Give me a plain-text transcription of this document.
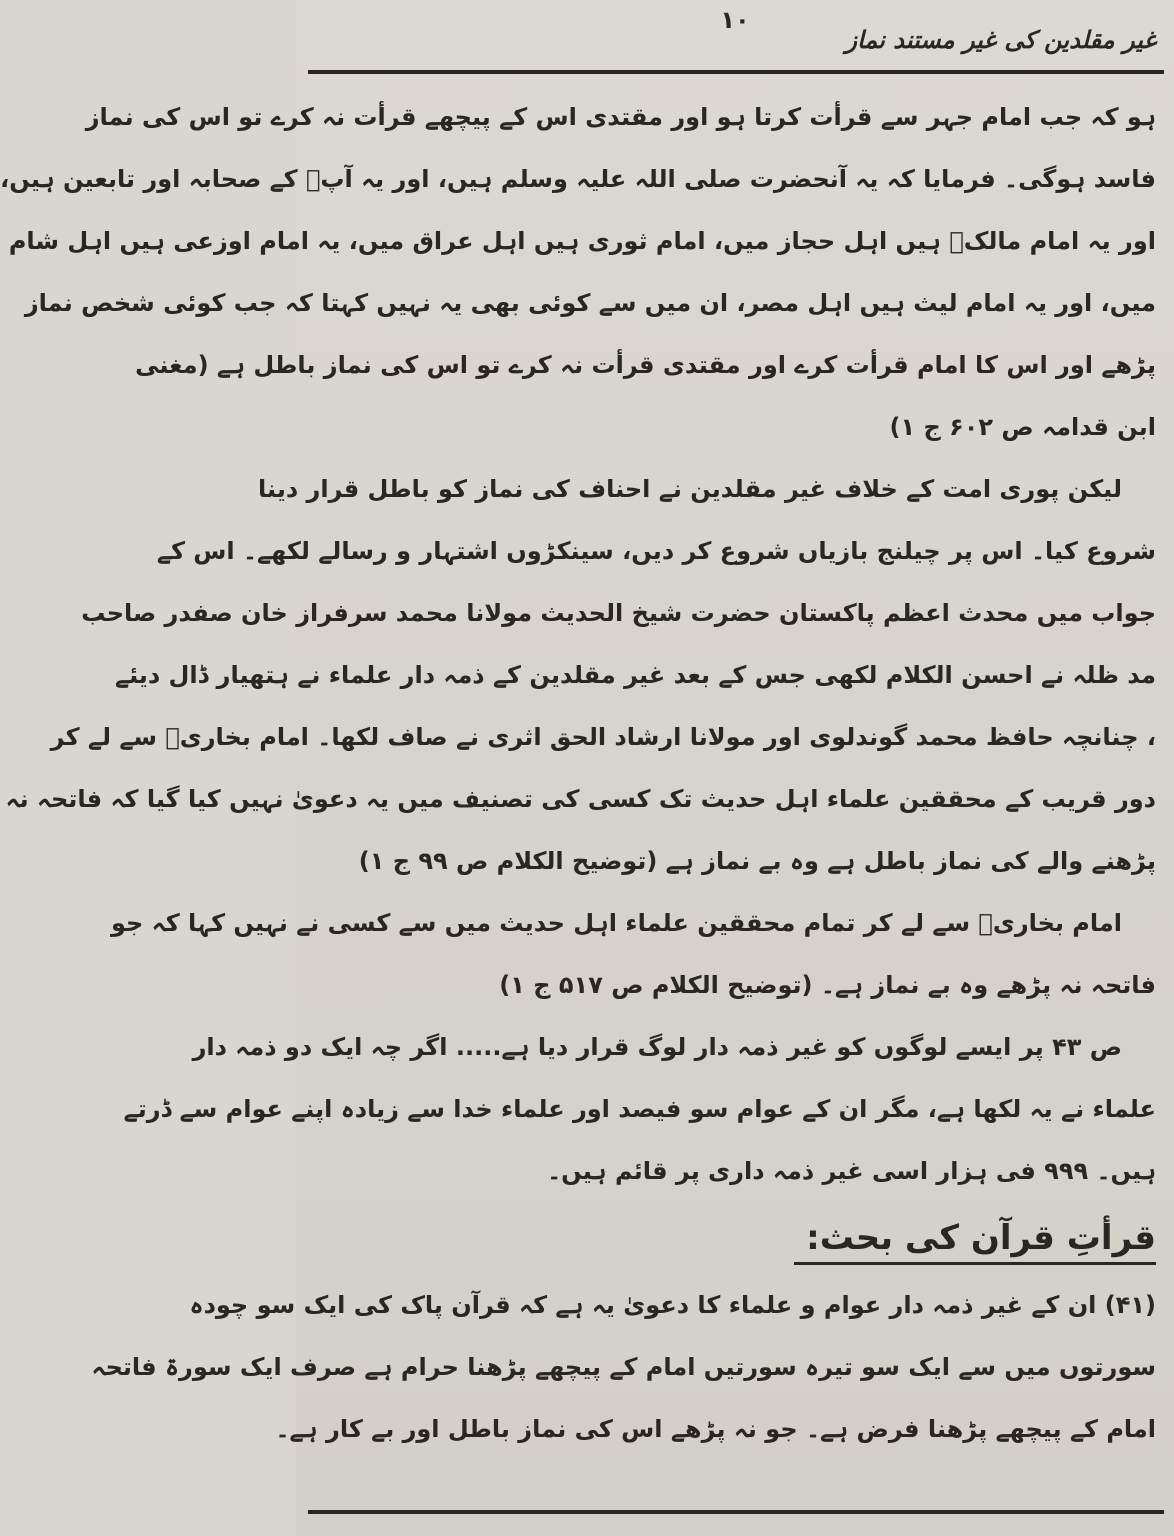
۱۰
غیر مقلدین کی غیر مستند نماز
ہو کہ جب امام جہر سے قرأت کرتا ہو اور مقتدی اس کے پیچھے قرأت نہ کرے تو اس کی نماز
فاسد ہوگی۔ فرمایا کہ یہ آنحضرت صلی اللہ علیہ وسلم ہیں، اور یہ آپؐ کے صحابہ اور تابعین ہیں،
اور یہ امام مالکؒ ہیں اہل حجاز میں، امام ثوری ہیں اہل عراق میں، یہ امام اوزعی ہیں اہل شام
میں، اور یہ امام لیث ہیں اہل مصر، ان میں سے کوئی بھی یہ نہیں کہتا کہ جب کوئی شخص نماز
پڑھے اور اس کا امام قرأت کرے اور مقتدی قرأت نہ کرے تو اس کی نماز باطل ہے (مغنی
ابن قدامہ ص ۶۰۲ ج ۱)
لیکن پوری امت کے خلاف غیر مقلدین نے احناف کی نماز کو باطل قرار دینا
شروع کیا۔ اس پر چیلنج بازیاں شروع کر دیں، سینکڑوں اشتہار و رسالے لکھے۔ اس کے
جواب میں محدث اعظم پاکستان حضرت شیخ الحدیث مولانا محمد سرفراز خان صفدر صاحب
مد ظلہ نے احسن الکلام لکھی جس کے بعد غیر مقلدین کے ذمہ دار علماء نے ہتھیار ڈال دیئے
، چنانچہ حافظ محمد گوندلوی اور مولانا ارشاد الحق اثری نے صاف لکھا۔ امام بخاریؒ سے لے کر
دور قریب کے محققین علماء اہل حدیث تک کسی کی تصنیف میں یہ دعویٰ نہیں کیا گیا کہ فاتحہ نہ
پڑھنے والے کی نماز باطل ہے وہ بے نماز ہے (توضیح الکلام ص ۹۹ ج ۱)
امام بخاریؒ سے لے کر تمام محققین علماء اہل حدیث میں سے کسی نے نہیں کہا کہ جو
فاتحہ نہ پڑھے وہ بے نماز ہے۔ (توضیح الکلام ص ۵۱۷ ج ۱)
ص ۴۳ پر ایسے لوگوں کو غیر ذمہ دار لوگ قرار دیا ہے..... اگر چہ ایک دو ذمہ دار
علماء نے یہ لکھا ہے، مگر ان کے عوام سو فیصد اور علماء خدا سے زیادہ اپنے عوام سے ڈرتے
ہیں۔ ۹۹۹ فی ہزار اسی غیر ذمہ داری پر قائم ہیں۔
قرأتِ قرآن کی بحث:
(۴۱) ان کے غیر ذمہ دار عوام و علماء کا دعویٰ یہ ہے کہ قرآن پاک کی ایک سو چودہ
سورتوں میں سے ایک سو تیرہ سورتیں امام کے پیچھے پڑھنا حرام ہے صرف ایک سورۃ فاتحہ
امام کے پیچھے پڑھنا فرض ہے۔ جو نہ پڑھے اس کی نماز باطل اور بے کار ہے۔
